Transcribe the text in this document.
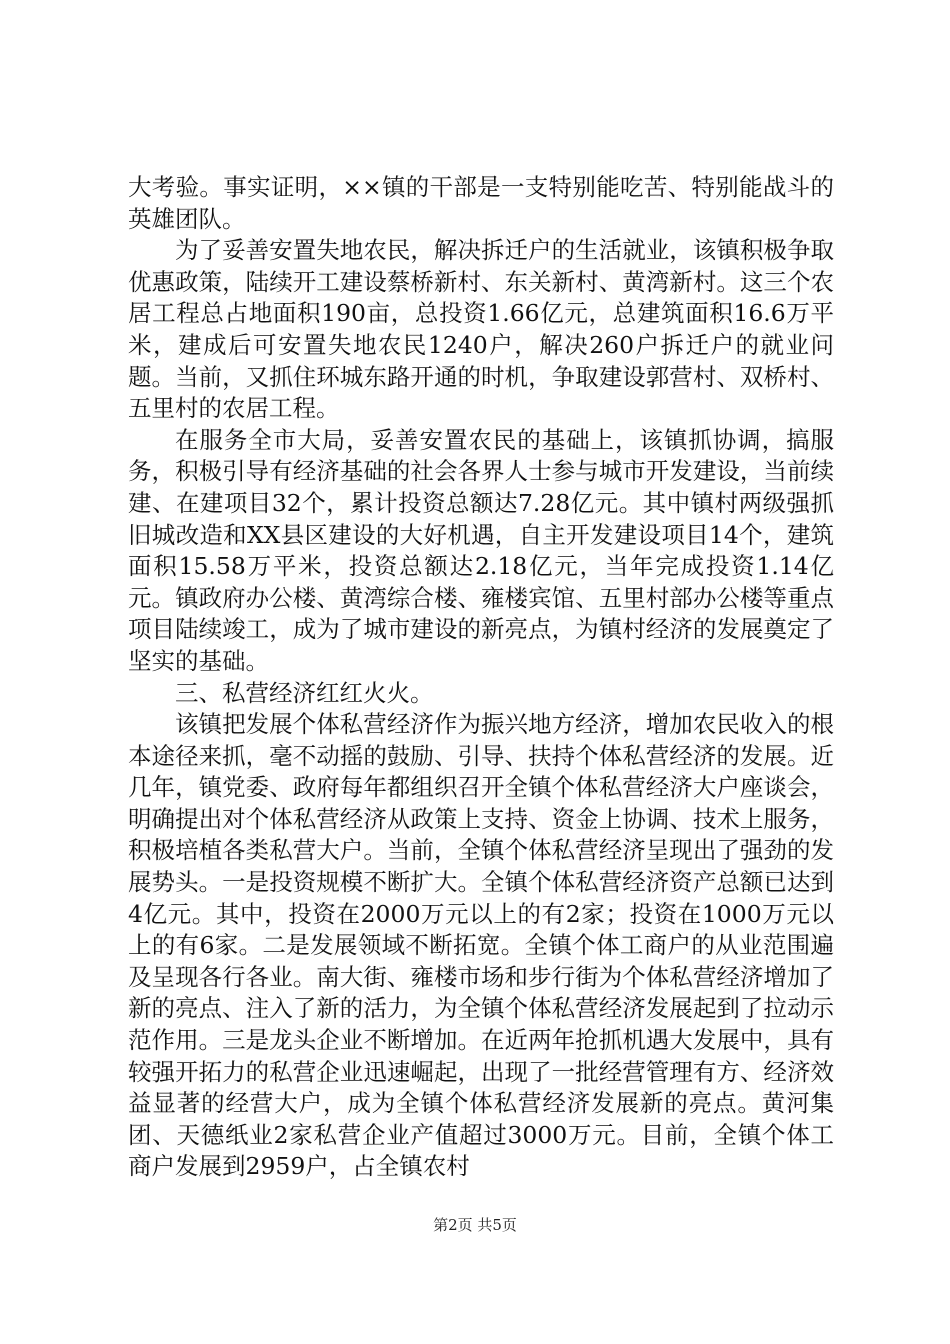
大考验。事实证明，××镇的干部是一支特别能吃苦、特别能战斗的英雄团队。

为了妥善安置失地农民，解决拆迁户的生活就业，该镇积极争取优惠政策，陆续开工建设蔡桥新村、东关新村、黄湾新村。这三个农居工程总占地面积190亩，总投资1.66亿元，总建筑面积16.6万平米，建成后可安置失地农民1240户，解决260户拆迁户的就业问题。当前，又抓住环城东路开通的时机，争取建设郭营村、双桥村、五里村的农居工程。

在服务全市大局，妥善安置农民的基础上，该镇抓协调，搞服务，积极引导有经济基础的社会各界人士参与城市开发建设，当前续建、在建项目32个，累计投资总额达7.28亿元。其中镇村两级强抓旧城改造和XX县区建设的大好机遇，自主开发建设项目14个，建筑面积15.58万平米，投资总额达2.18亿元，当年完成投资1.14亿元。镇政府办公楼、黄湾综合楼、雍楼宾馆、五里村部办公楼等重点项目陆续竣工，成为了城市建设的新亮点，为镇村经济的发展奠定了坚实的基础。

三、私营经济红红火火。

该镇把发展个体私营经济作为振兴地方经济，增加农民收入的根本途径来抓，毫不动摇的鼓励、引导、扶持个体私营经济的发展。近几年，镇党委、政府每年都组织召开全镇个体私营经济大户座谈会，明确提出对个体私营经济从政策上支持、资金上协调、技术上服务，积极培植各类私营大户。当前，全镇个体私营经济呈现出了强劲的发展势头。一是投资规模不断扩大。全镇个体私营经济资产总额已达到4亿元。其中，投资在2000万元以上的有2家；投资在1000万元以上的有6家。二是发展领域不断拓宽。全镇个体工商户的从业范围遍及呈现各行各业。南大街、雍楼市场和步行街为个体私营经济增加了新的亮点、注入了新的活力，为全镇个体私营经济发展起到了拉动示范作用。三是龙头企业不断增加。在近两年抢抓机遇大发展中，具有较强开拓力的私营企业迅速崛起，出现了一批经营管理有方、经济效益显著的经营大户，成为全镇个体私营经济发展新的亮点。黄河集团、天德纸业2家私营企业产值超过3000万元。目前，全镇个体工商户发展到2959户，占全镇农村

第2页 共5页
